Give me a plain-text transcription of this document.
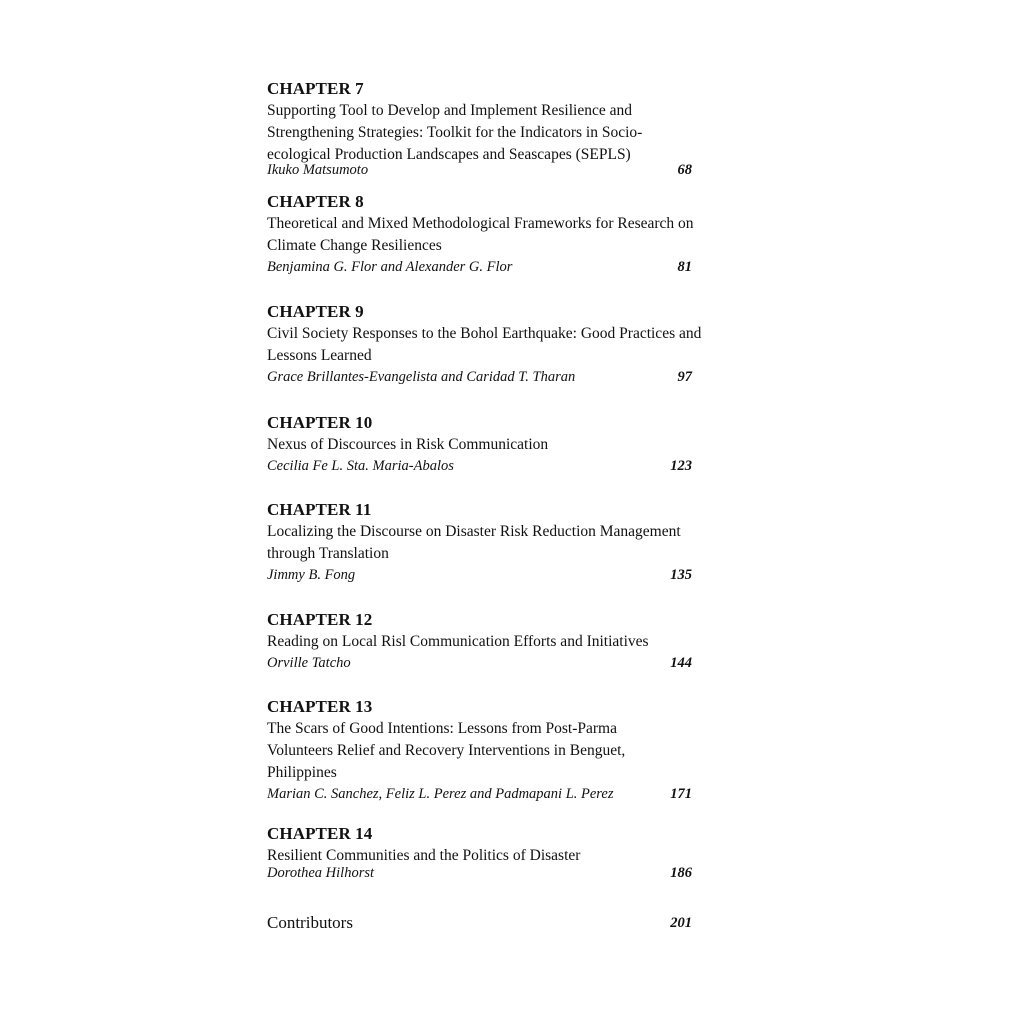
CHAPTER 7
Supporting Tool to Develop and Implement Resilience and
Strengthening Strategies: Toolkit for the Indicators in Socio-
ecological Production Landscapes and Seascapes (SEPLS)
Ikuko Matsumoto	68
CHAPTER 8
Theoretical and Mixed Methodological Frameworks for Research on
Climate Change Resiliences
Benjamina G. Flor and Alexander G. Flor	81
CHAPTER 9
Civil Society Responses to the Bohol Earthquake: Good Practices and
Lessons Learned
Grace Brillantes-Evangelista and Caridad T. Tharan	97
CHAPTER 10
Nexus of Discources in Risk Communication
Cecilia Fe L. Sta. Maria-Abalos	123
CHAPTER 11
Localizing the Discourse on Disaster Risk Reduction Management
through Translation
Jimmy B. Fong	135
CHAPTER 12
Reading on Local Risl Communication Efforts and Initiatives
Orville Tatcho	144
CHAPTER 13
The Scars of Good Intentions: Lessons from Post-Parma
Volunteers Relief and Recovery Interventions in Benguet,
Philippines
Marian C. Sanchez, Feliz L. Perez and Padmapani L. Perez	171
CHAPTER 14
Resilient Communities and the Politics of Disaster
Dorothea Hilhorst	186
Contributors	201
